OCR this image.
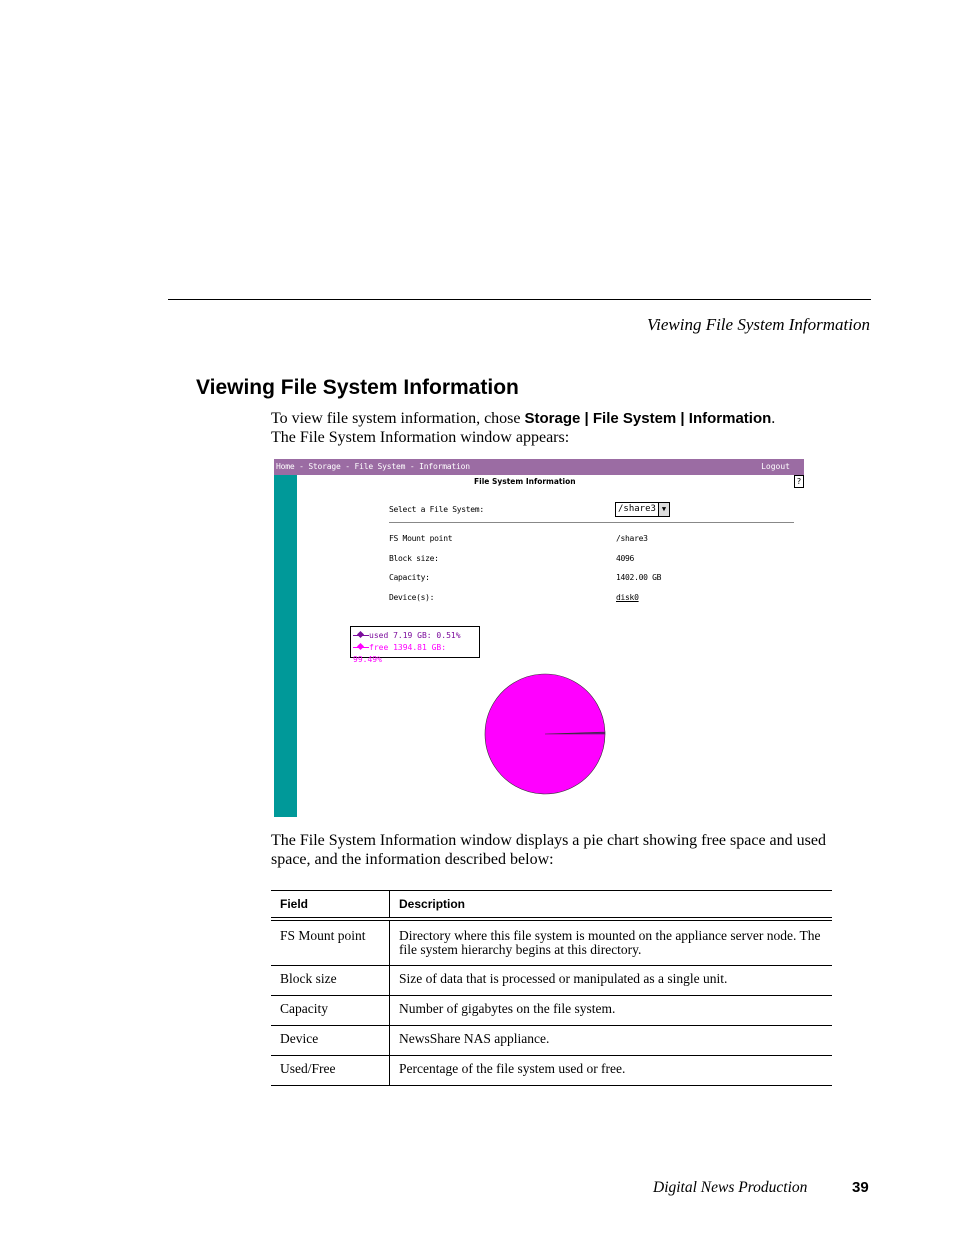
Viewing File System Information
Viewing File System Information
To view file system information, chose Storage | File System | Information.
The File System Information window appears:
Home - Storage - File System - Information	Logout
File System Information	?
Select a File System:	/share3 ▼
FS Mount point	/share3
Block size:	4096
Capacity:	1402.00 GB
Device(s):	disk0
used 7.19 GB: 0.51%
free 1394.81 GB: 99.49%
The File System Information window displays a pie chart showing free space and used space, and the information described below:
Field	Description
FS Mount point	Directory where this file system is mounted on the appliance server node. The file system hierarchy begins at this directory.
Block size	Size of data that is processed or manipulated as a single unit.
Capacity	Number of gigabytes on the file system.
Device	NewsShare NAS appliance.
Used/Free	Percentage of the file system used or free.
Digital News Production	39
